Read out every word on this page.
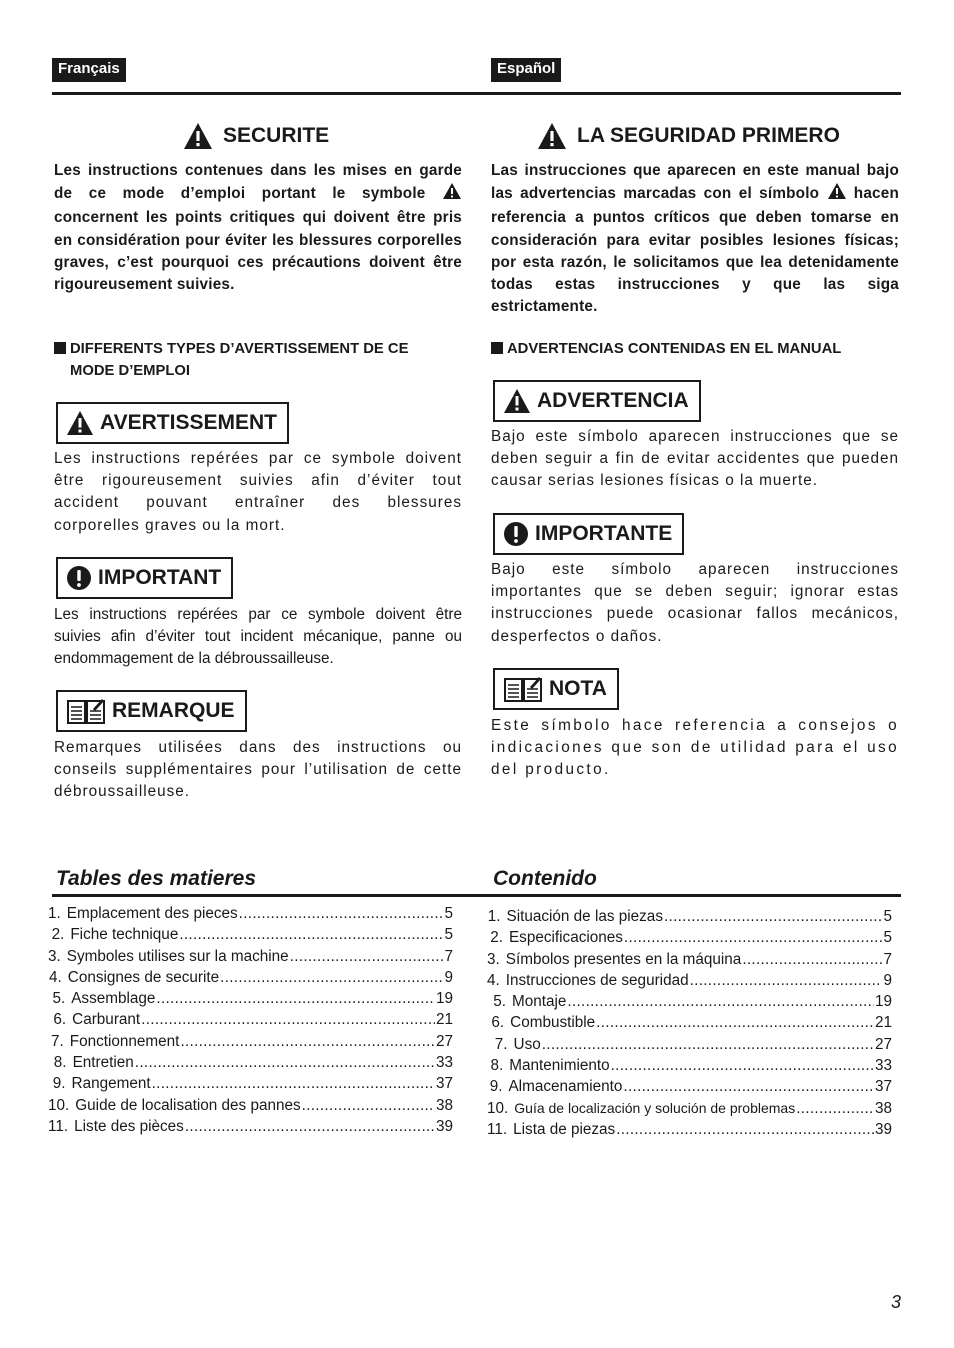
Français	Español
SECURITE

Les instructions contenues dans les mises en garde de ce mode d’emploi portant le symbole  concernent les points critiques qui doivent être pris en considération pour éviter les blessures corporelles graves, c’est pourquoi ces précautions doivent être rigoureusement suivies.

DIFFERENTS TYPES D’AVERTISSEMENT DE CE
MODE D’EMPLOI

AVERTISSEMENT

Les instructions repérées par ce symbole doivent être rigoureusement suivies afin d’éviter tout accident pouvant entraîner des blessures corporelles graves ou la mort.

IMPORTANT

Les instructions repérées par ce symbole doivent être suivies afin d’éviter tout incident mécanique, panne ou endommagement de la débroussailleuse.

REMARQUE

Remarques utilisées dans des instructions ou conseils supplémentaires pour l’utilisation de cette débroussailleuse.

LA SEGURIDAD PRIMERO

Las instrucciones que aparecen en este manual bajo las advertencias marcadas con el símbolo hacen referencia a puntos críticos que deben tomarse en consideración para evitar posibles lesiones físicas; por esta razón, le solicitamos que lea detenidamente todas estas instrucciones y que las siga estrictamente.

ADVERTENCIAS CONTENIDAS EN EL MANUAL

ADVERTENCIA

Bajo este símbolo aparecen instrucciones que se deben seguir a fin de evitar accidentes que pueden causar serias lesiones físicas o la muerte.

IMPORTANTE

Bajo este símbolo aparecen instrucciones importantes que se deben seguir; ignorar estas instrucciones puede ocasionar fallos mecánicos, desperfectos o daños.

NOTA

Este símbolo hace referencia a consejos o indicaciones que son de utilidad para el uso del producto.

Tables des matieres	Contenido
1. Emplacement des pieces .....	5
2. Fiche technique .....	5
3. Symboles utilises sur la machine .....	7
4. Consignes de securite .....	9
5. Assemblage .....	19
6. Carburant .....	21
7. Fonctionnement .....	27
8. Entretien .....	33
9. Rangement .....	37
10. Guide de localisation des pannes .....	38
11. Liste des pièces .....	39
1. Situación de las piezas .....	5
2. Especificaciones .....	5
3. Símbolos presentes en la máquina .....	7
4. Instrucciones de seguridad .....	9
5. Montaje .....	19
6. Combustible .....	21
7. Uso .....	27
8. Mantenimiento .....	33
9. Almacenamiento .....	37
10. Guía de localización y solución de problemas .....	38
11. Lista de piezas .....	39
3
